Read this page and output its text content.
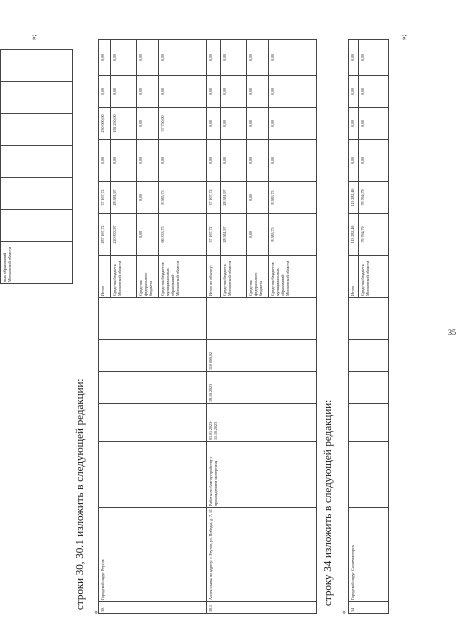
35
«
строки 30, 30.1 изложить в следующей редакции:
»;
ных образований Московской области						
30.	Городской округ Реутов						Итого	287 167,72	37 167,72	0,00	250 000,00	0,00	0,00
							Средства бюджета Московской области	220 833,97	28 581,97	0,00	192 250,00	0,00	0,00
							Средства федерального бюджета	0,00	0,00	0,00	0,00	0,00	0,00
							Средства бюджетов муниципальных образований Московской области	66 333,75	8 585,75	0,00	57 750,00	0,00	0,00
30.1	Аллея славы по адресу: г. Реутов, ул. Победы, д. 7, 11	Работы по благоустройству с прохождением экспертизы	01.01.2023-15.10.2023	18.10.2023	110 000,02		Итого по объекту:	37 167,72	37 167,72	0,00	0,00	0,00	0,00
							Средства бюджета Московской области	28 581,97	28 581,97	0,00	0,00	0,00	0,00
							Средства федерального бюджета	0,00	0,00	0,00	0,00	0,00	0,00
							Средства бюджетов муниципальных образований Московской области	8 585,75	8 585,75	0,00	0,00	0,00	0,00
«
строку 34 изложить в следующей редакции:
»;
34	Городской округ Солнечногорск						Итого	115 282,46	115 282,46	0,00	0,00	0,00	0,00
							Средства бюджета Московской области	76 764,79	76 764,79	0,00	0,00	0,00	0,00
